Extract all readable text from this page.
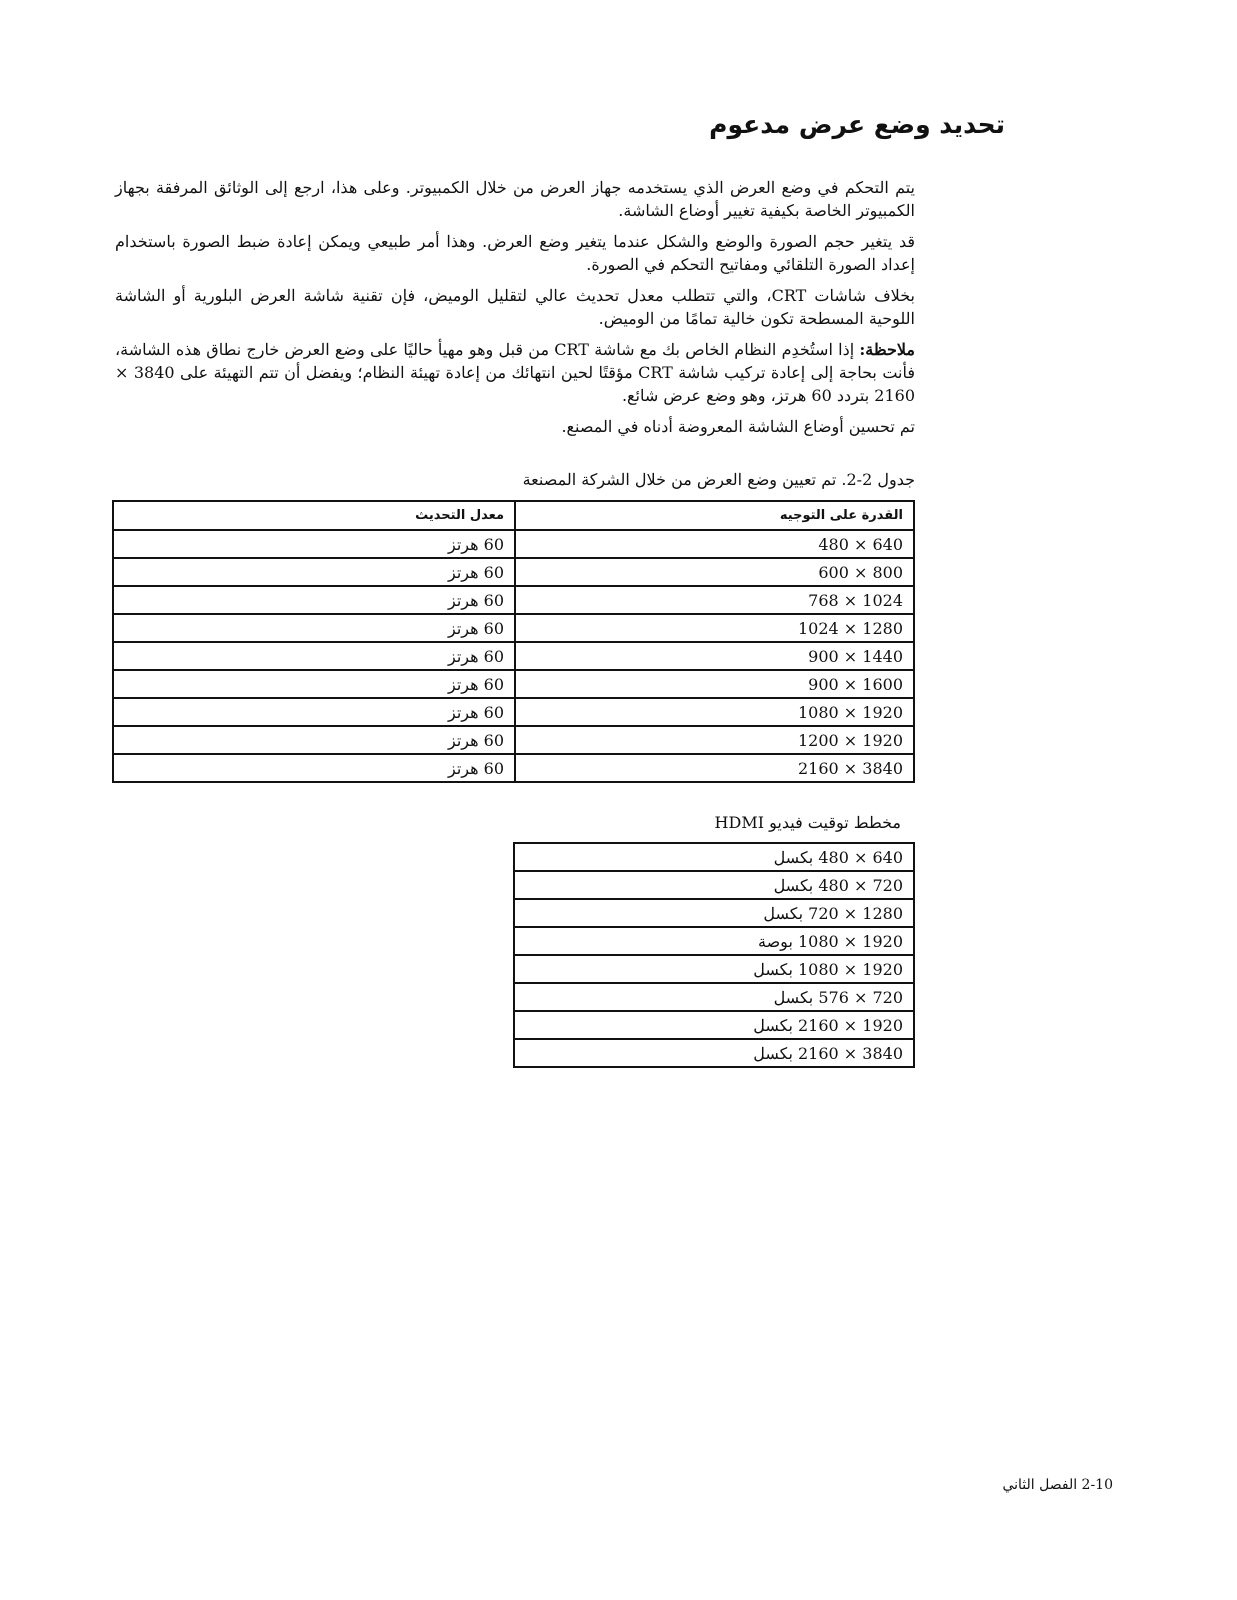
تحديد وضع عرض مدعوم

يتم التحكم في وضع العرض الذي يستخدمه جهاز العرض من خلال الكمبيوتر. وعلى هذا، ارجع إلى الوثائق المرفقة بجهاز الكمبيوتر الخاصة بكيفية تغيير أوضاع الشاشة.

قد يتغير حجم الصورة والوضع والشكل عندما يتغير وضع العرض. وهذا أمر طبيعي ويمكن إعادة ضبط الصورة باستخدام إعداد الصورة التلقائي ومفاتيح التحكم في الصورة.

بخلاف شاشات CRT، والتي تتطلب معدل تحديث عالي لتقليل الوميض، فإن تقنية شاشة العرض البلورية أو الشاشة اللوحية المسطحة تكون خالية تمامًا من الوميض.

ملاحظة: إذا استُخدِم النظام الخاص بك مع شاشة CRT من قبل وهو مهيأ حاليًا على وضع العرض خارج نطاق هذه الشاشة، فأنت بحاجة إلى إعادة تركيب شاشة CRT مؤقتًا لحين انتهائك من إعادة تهيئة النظام؛ ويفضل أن تتم التهيئة على 3840 × 2160 بتردد 60 هرتز، وهو وضع عرض شائع.

تم تحسين أوضاع الشاشة المعروضة أدناه في المصنع.

جدول 2-2. تم تعيين وضع العرض من خلال الشركة المصنعة
القدرة على التوجيه	معدل التحديث
640 × 480	60 هرتز
800 × 600	60 هرتز
1024 × 768	60 هرتز
1280 × 1024	60 هرتز
1440 × 900	60 هرتز
1600 × 900	60 هرتز
1920 × 1080	60 هرتز
1920 × 1200	60 هرتز
3840 × 2160	60 هرتز
مخطط توقيت فيديو HDMI
640 × 480 بكسل
720 × 480 بكسل
1280 × 720 بكسل
1920 × 1080 بوصة
1920 × 1080 بكسل
720 × 576 بكسل
1920 × 2160 بكسل
3840 × 2160 بكسل
2-10 الفصل الثاني
